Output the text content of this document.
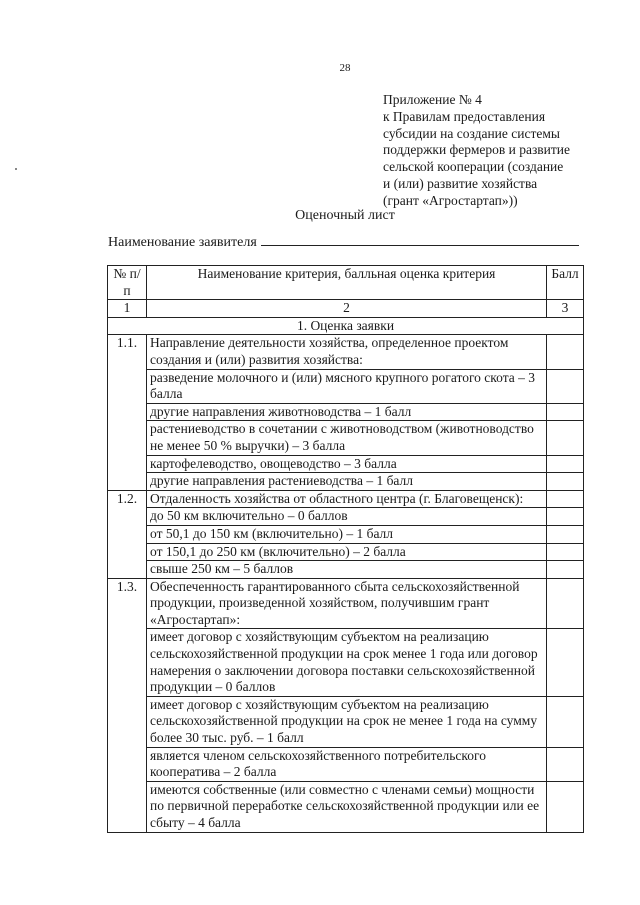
28
Приложение № 4
к Правилам предоставления
субсидии на создание системы
поддержки фермеров и развитие
сельской кооперации (создание
и (или) развитие хозяйства
(грант «Агростартап»))
Оценочный лист
Наименование заявителя
№ п/п	Наименование критерия, балльная оценка критерия	Балл
1	2	3
1. Оценка заявки		
1.1.	Направление деятельности хозяйства, определенное проектом создания и (или) развития хозяйства:	
	разведение молочного и (или) мясного крупного рогатого скота – 3 балла	
	другие направления животноводства – 1 балл	
	растениеводство в сочетании с животноводством (животноводство не менее 50 % выручки) – 3 балла	
	картофелеводство, овощеводство – 3 балла	
	другие направления растениеводства – 1 балл	
1.2.	Отдаленность хозяйства от областного центра (г. Благовещенск):	
	до 50 км включительно – 0 баллов	
	от 50,1 до 150 км (включительно) – 1 балл	
	от 150,1 до 250 км (включительно) – 2 балла	
	свыше 250 км – 5 баллов	
1.3.	Обеспеченность гарантированного сбыта сельскохозяйственной продукции, произведенной хозяйством, получившим грант «Агростартап»:	
	имеет договор с хозяйствующим субъектом на реализацию сельскохозяйственной продукции на срок менее 1 года или договор намерения о заключении договора поставки сельскохозяйственной продукции – 0 баллов	
	имеет договор с хозяйствующим субъектом на реализацию сельскохозяйственной продукции на срок не менее 1 года на сумму более 30 тыс. руб. – 1 балл	
	является членом сельскохозяйственного потребительского кооператива – 2 балла	
	имеются собственные (или совместно с членами семьи) мощности по первичной переработке сельскохозяйственной продукции или ее сбыту – 4 балла	
